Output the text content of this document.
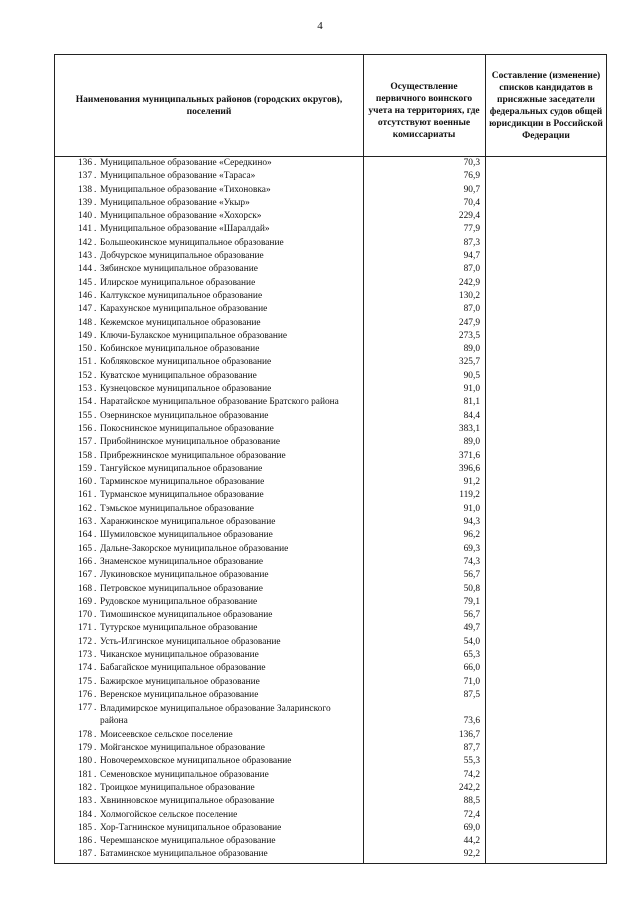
4
Наименования муниципальных районов (городских округов), поселений
Осуществление первичного воинского учета на территориях, где отсутствуют военные комиссариаты
Составление (изменение) списков кандидатов в присяжные заседатели федеральных судов общей юрисдикции в Российской Федерации
136 . Муниципальное образование «Середкино»	70,3
137 . Муниципальное образование «Тараса»	76,9
138 . Муниципальное образование «Тихоновка»	90,7
139 . Муниципальное образование «Укыр»	70,4
140 . Муниципальное образование «Хохорск»	229,4
141 . Муниципальное образование «Шаралдай»	77,9
142 . Большеокинское муниципальное образование	87,3
143 . Добчурское муниципальное образование	94,7
144 . Зябинское муниципальное образование	87,0
145 . Илирское муниципальное образование	242,9
146 . Калтукское муниципальное образование	130,2
147 . Карахунское муниципальное образование	87,0
148 . Кежемское муниципальное образование	247,9
149 . Ключи-Булакское муниципальное образование	273,5
150 . Кобинское муниципальное образование	89,0
151 . Кобляковское муниципальное образование	325,7
152 . Куватское муниципальное образование	90,5
153 . Кузнецовское муниципальное образование	91,0
154 . Наратайское муниципальное образование Братского района	81,1
155 . Озернинское муниципальное образование	84,4
156 . Покоснинское муниципальное образование	383,1
157 . Прибойнинское муниципальное образование	89,0
158 . Прибрежнинское муниципальное образование	371,6
159 . Тангуйское муниципальное образование	396,6
160 . Тарминское муниципальное образование	91,2
161 . Турманское муниципальное образование	119,2
162 . Тэмьское муниципальное образование	91,0
163 . Харанжинское муниципальное образование	94,3
164 . Шумиловское муниципальное образование	96,2
165 . Дальне-Закорское муниципальное образование	69,3
166 . Знаменское муниципальное образование	74,3
167 . Лукиновское муниципальное образование	56,7
168 . Петровское муниципальное образование	50,8
169 . Рудовское муниципальное образование	79,1
170 . Тимошинское муниципальное образование	56,7
171 . Тутурское муниципальное образование	49,7
172 . Усть-Илгинское муниципальное образование	54,0
173 . Чиканское муниципальное образование	65,3
174 . Бабагайское муниципальное образование	66,0
175 . Бажирское муниципальное образование	71,0
176 . Веренское муниципальное образование	87,5
177 . Владимирское муниципальное образование Заларинского района	73,6
178 . Моисеевское сельское поселение	136,7
179 . Мойганское муниципальное образование	87,7
180 . Новочеремховское муниципальное образование	55,3
181 . Семеновское муниципальное образование	74,2
182 . Троицкое муниципальное образование	242,2
183 . Хвнинновское муниципальное образование	88,5
184 . Холмогойское сельское поселение	72,4
185 . Хор-Тагнинское муниципальное образование	69,0
186 . Черемшанское муниципальное образование	44,2
187 . Батаминское муниципальное образование	92,2
